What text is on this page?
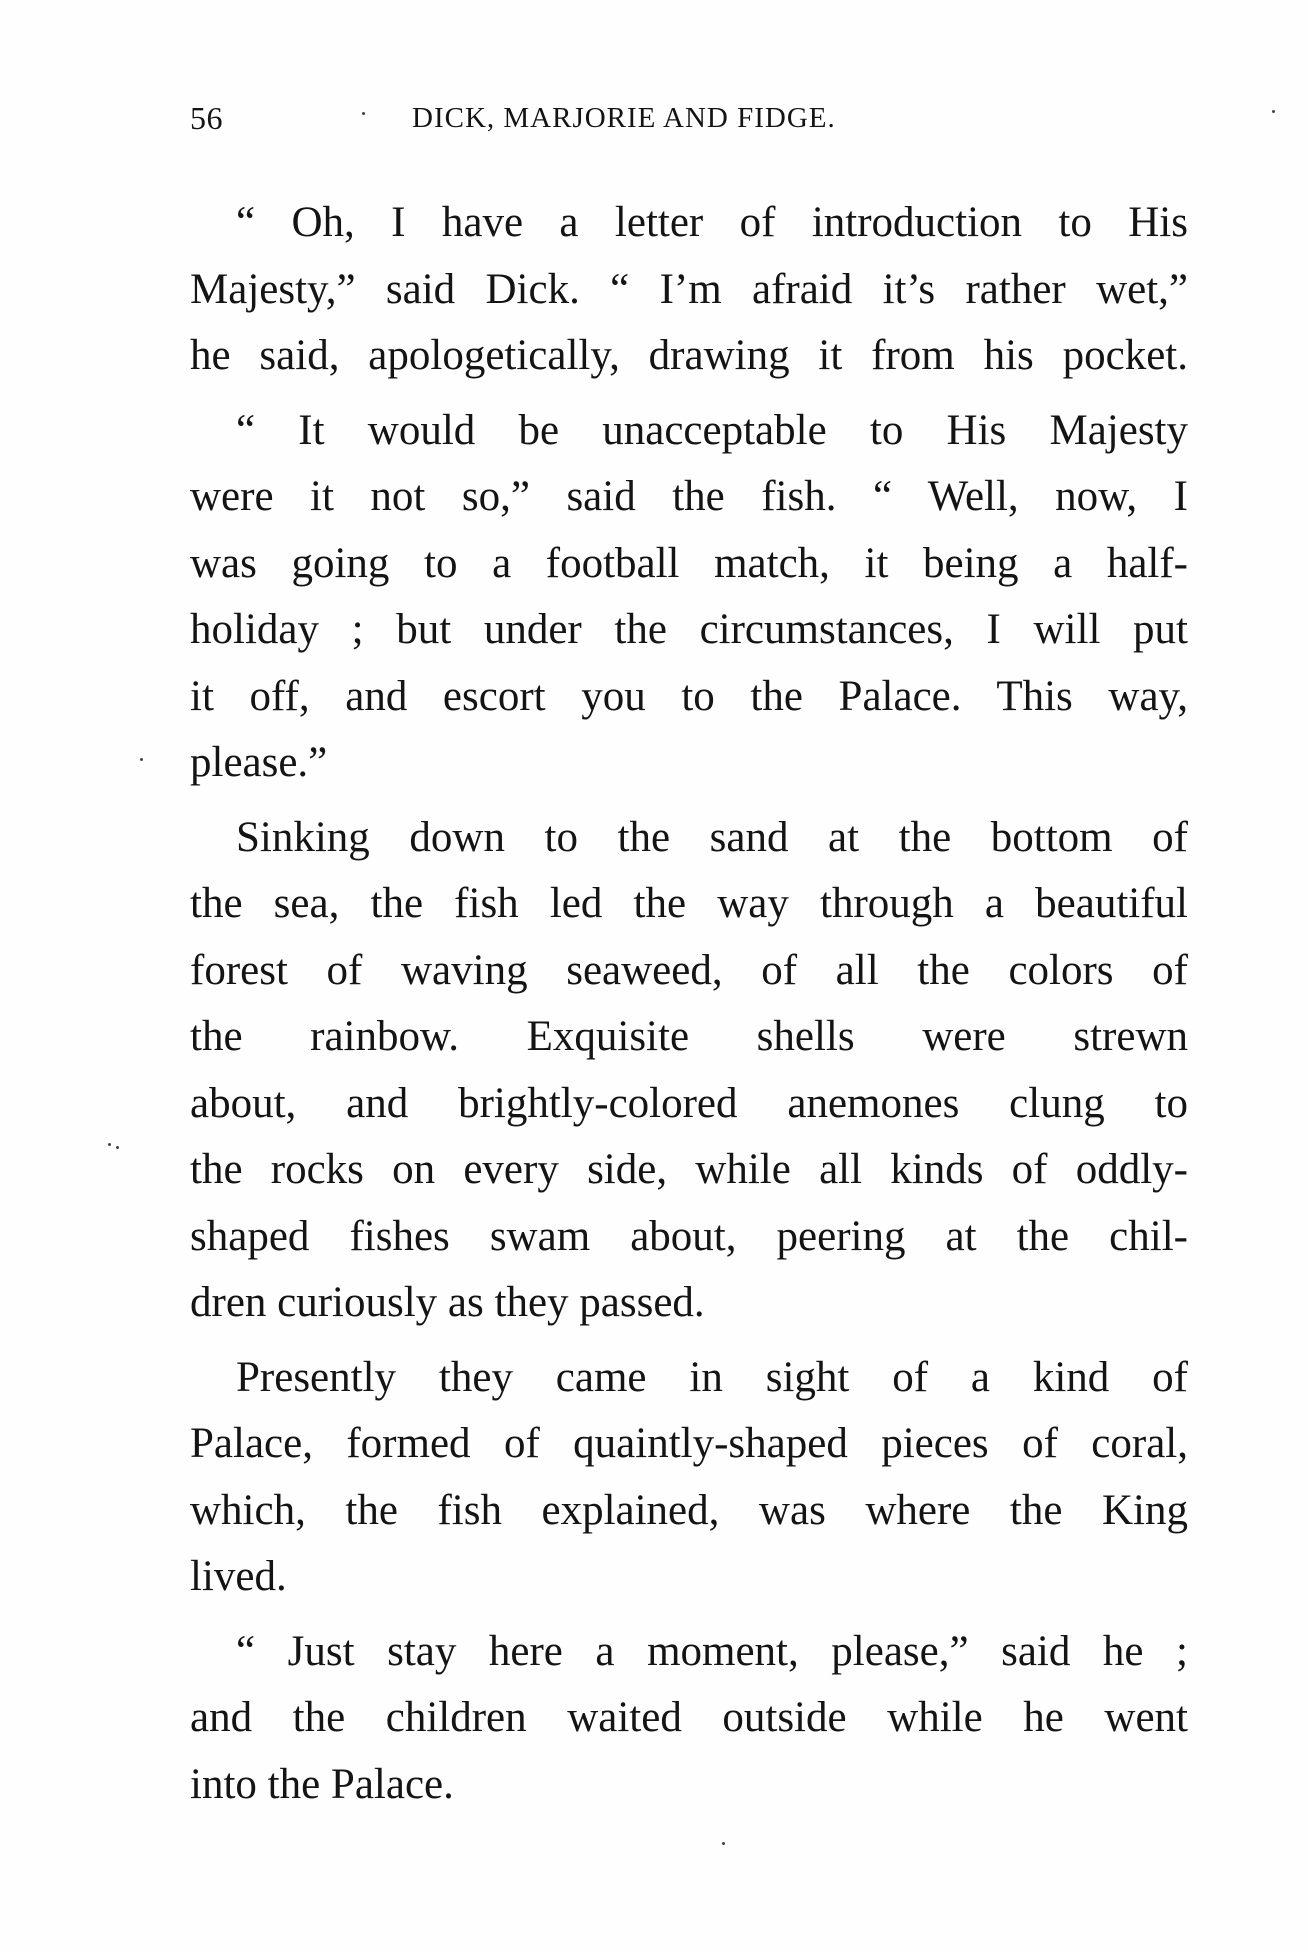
56	DICK, MARJORIE AND FIDGE.
“ Oh, I have a letter of introduction to His
Majesty,” said Dick. “ I’m afraid it’s rather wet,”
he said, apologetically, drawing it from his pocket.
“ It would be unacceptable to His Majesty
were it not so,” said the fish. “ Well, now, I
was going to a football match, it being a half-
holiday ; but under the circumstances, I will put
it off, and escort you to the Palace. This way,
please.”
Sinking down to the sand at the bottom of
the sea, the fish led the way through a beautiful
forest of waving seaweed, of all the colors of
the rainbow. Exquisite shells were strewn
about, and brightly-colored anemones clung to
the rocks on every side, while all kinds of oddly-
shaped fishes swam about, peering at the chil-
dren curiously as they passed.
Presently they came in sight of a kind of
Palace, formed of quaintly-shaped pieces of coral,
which, the fish explained, was where the King
lived.
“ Just stay here a moment, please,” said he ;
and the children waited outside while he went
into the Palace.
